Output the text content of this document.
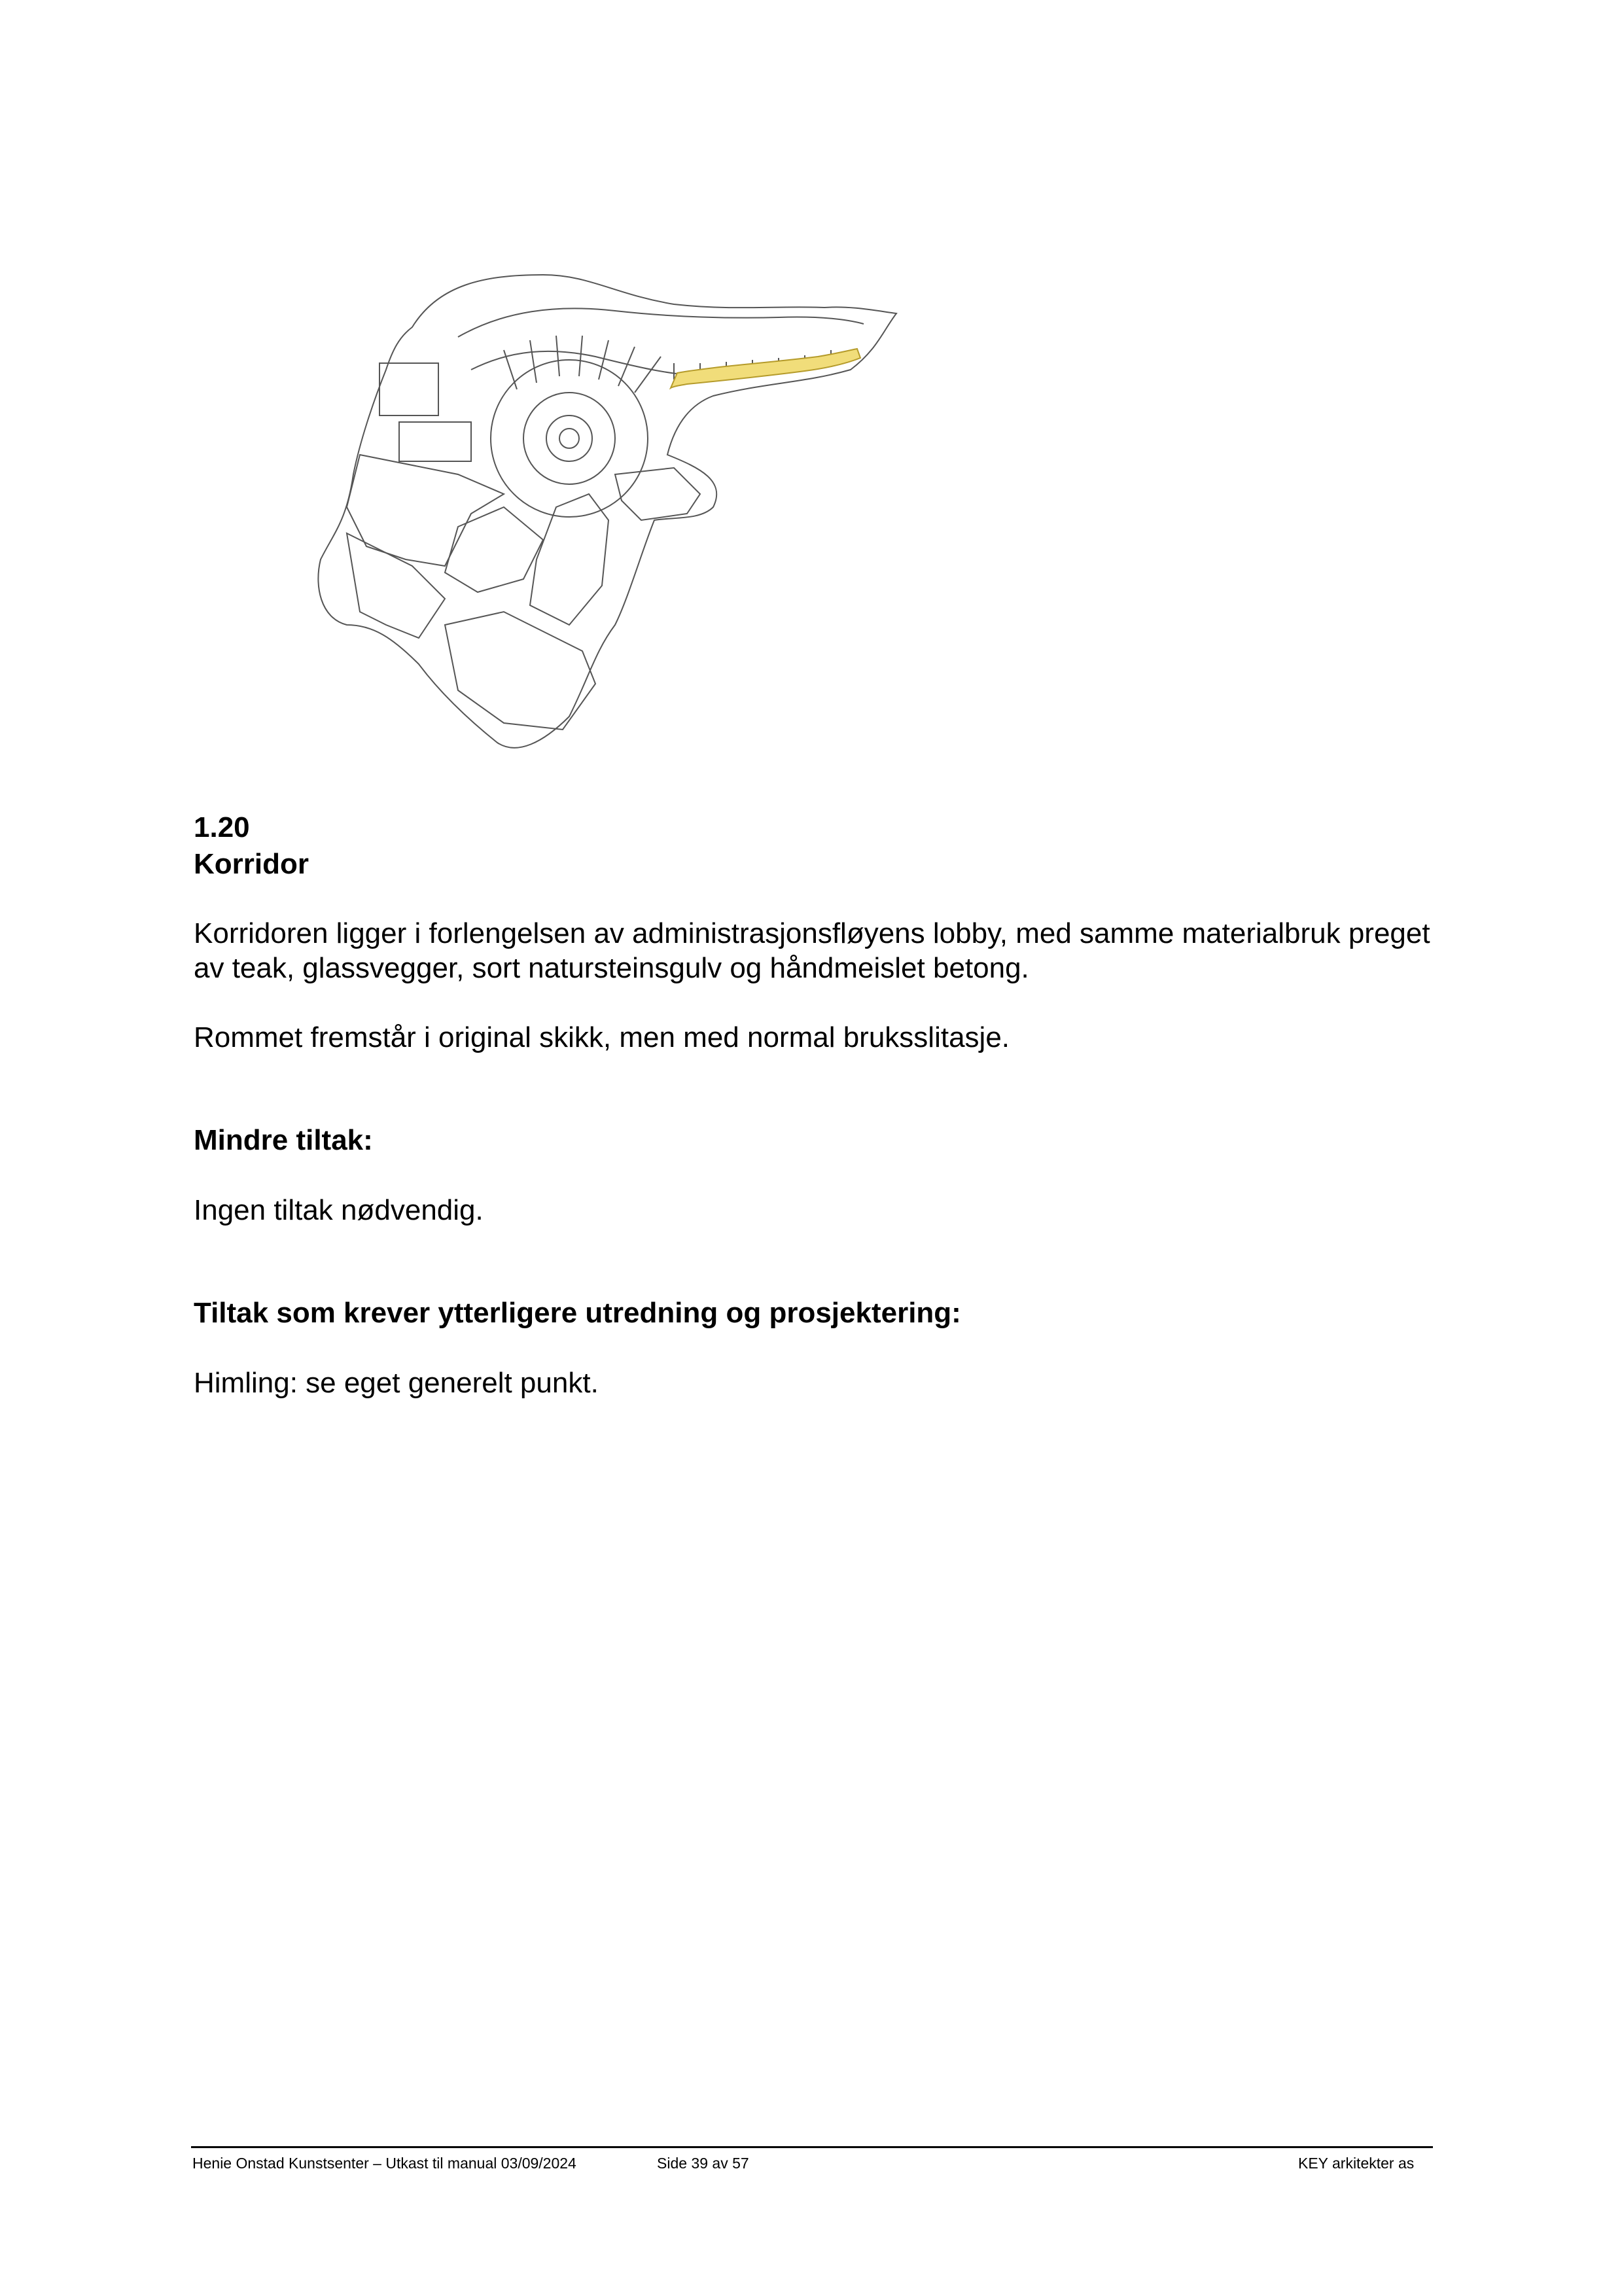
1.20
Korridor

Korridoren ligger i forlengelsen av administrasjonsfløyens lobby, med samme materialbruk preget av teak, glassvegger, sort natursteinsgulv og håndmeislet betong.

Rommet fremstår i original skikk, men med normal bruksslitasje.

Mindre tiltak:

Ingen tiltak nødvendig.

Tiltak som krever ytterligere utredning og prosjektering:

Himling: se eget generelt punkt.

Henie Onstad Kunstsenter – Utkast til manual 03/09/2024	Side 39 av 57	KEY arkitekter as
